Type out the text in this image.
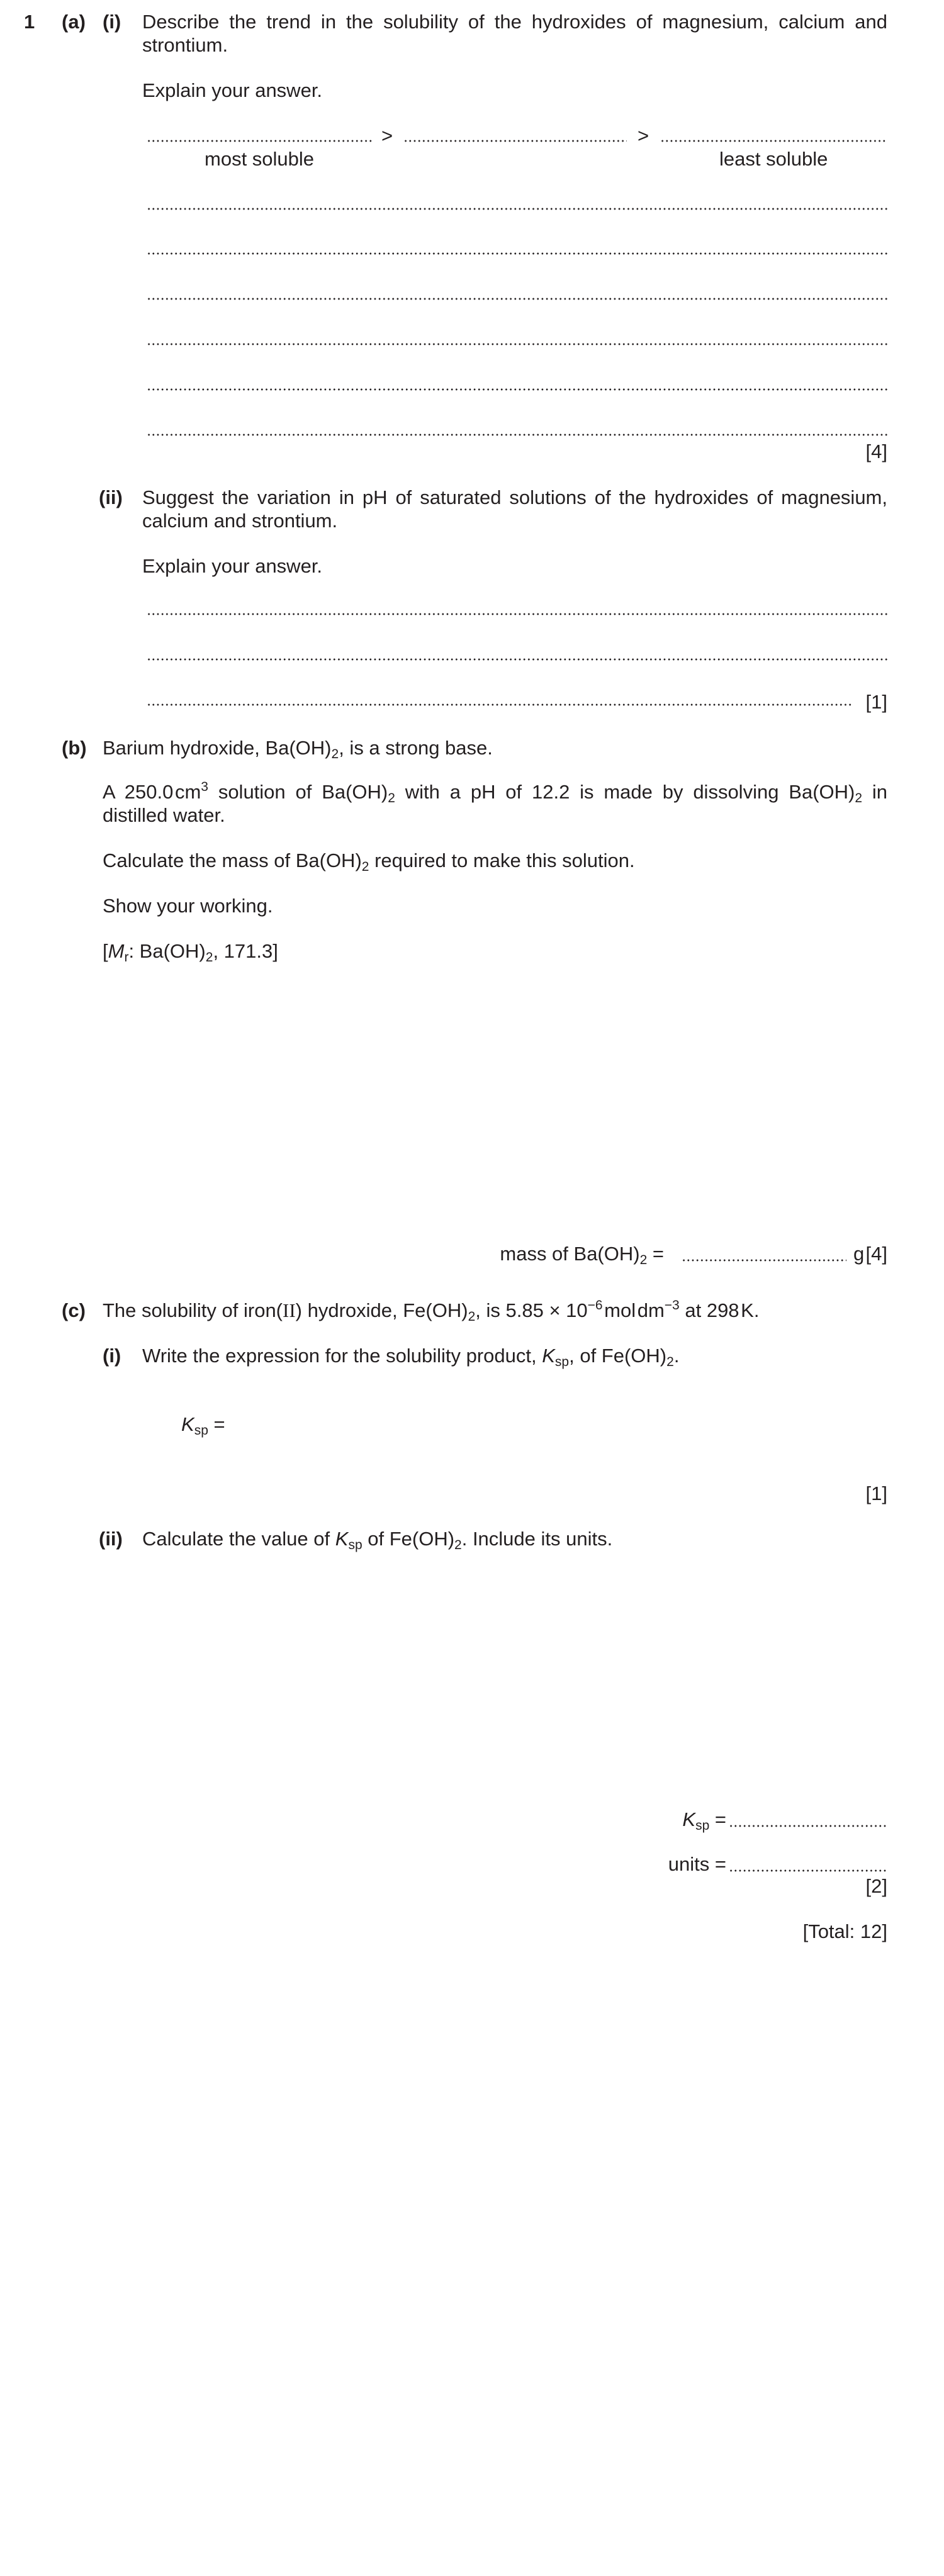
1 (a) (i) Describe the trend in the solubility of the hydroxides of magnesium, calcium and strontium.
Explain your answer.
>	>
most soluble	least soluble
[4]
(ii) Suggest the variation in pH of saturated solutions of the hydroxides of magnesium, calcium and strontium.
Explain your answer.
[1]
(b) Barium hydroxide, $Ba(OH)_2$, is a strong base.
A 250.0 $cm^3$ solution of $Ba(OH)_2$ with a pH of 12.2 is made by dissolving $Ba(OH)_2$ in distilled water.
Calculate the mass of $Ba(OH)_2$ required to make this solution.
Show your working.
[$M_r$: $Ba(OH)_2$, 171.3]
mass of $Ba(OH)_2$ =	g [4]
(c) The solubility of iron(II) hydroxide, $Fe(OH)_2$, is $5.85 \times 10^{-6}$ mol $dm^{-3}$ at 298 K.
(i) Write the expression for the solubility product, $K_{sp}$, of $Fe(OH)_2$.
$K_{sp}$ =
[1]
(ii) Calculate the value of $K_{sp}$ of $Fe(OH)_2$. Include its units.
$K_{sp}$ =
units =
[2]
[Total: 12]
